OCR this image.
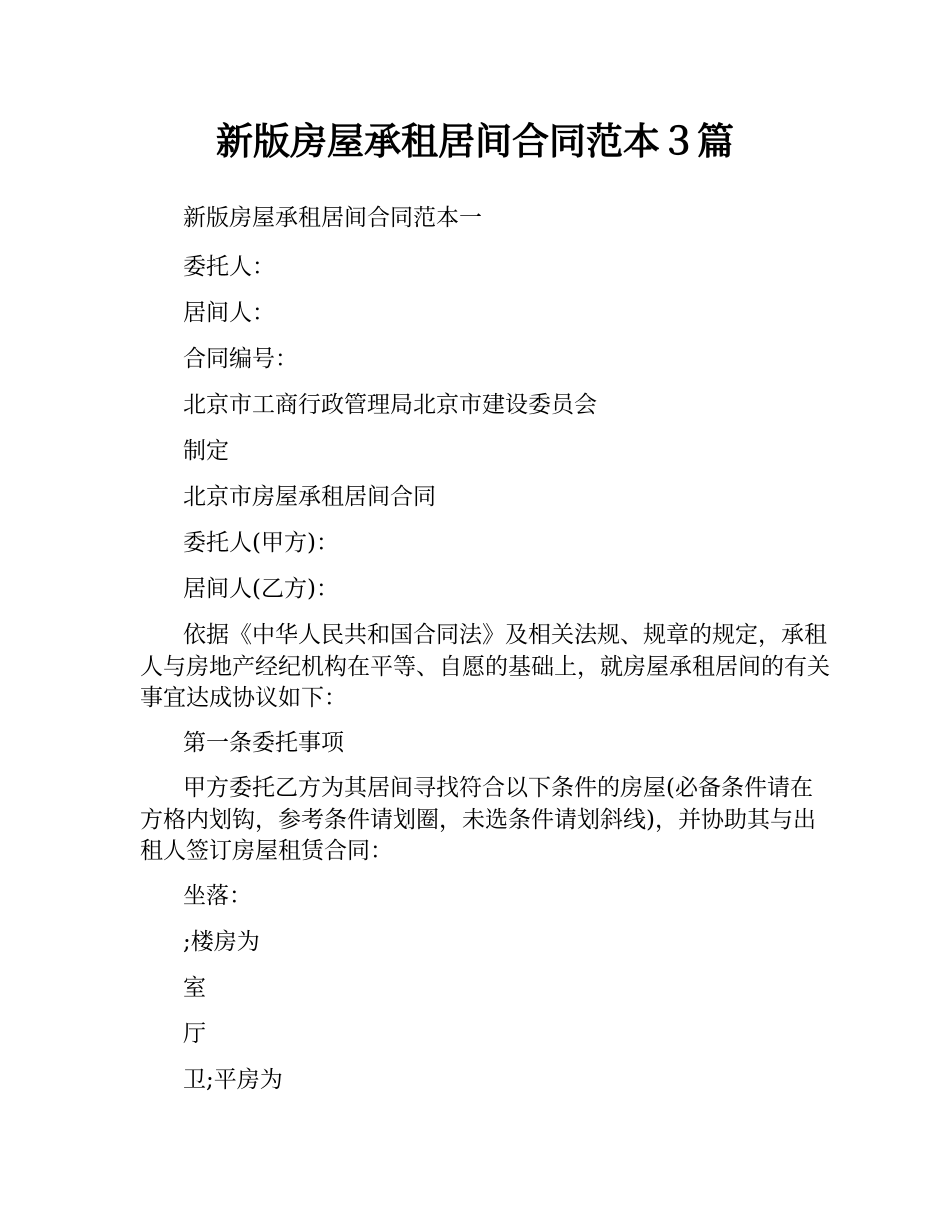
新版房屋承租居间合同范本３篇

新版房屋承租居间合同范本一

委托人：

居间人：

合同编号：

北京市工商行政管理局北京市建设委员会

制定

北京市房屋承租居间合同

委托人(甲方)：

居间人(乙方)：

依据《中华人民共和国合同法》及相关法规、规章的规定，承租人与房地产经纪机构在平等、自愿的基础上，就房屋承租居间的有关事宜达成协议如下：

第一条委托事项

甲方委托乙方为其居间寻找符合以下条件的房屋(必备条件请在方格内划钩，参考条件请划圈，未选条件请划斜线)，并协助其与出租人签订房屋租赁合同：

坐落：

;楼房为

室

厅

卫;平房为
